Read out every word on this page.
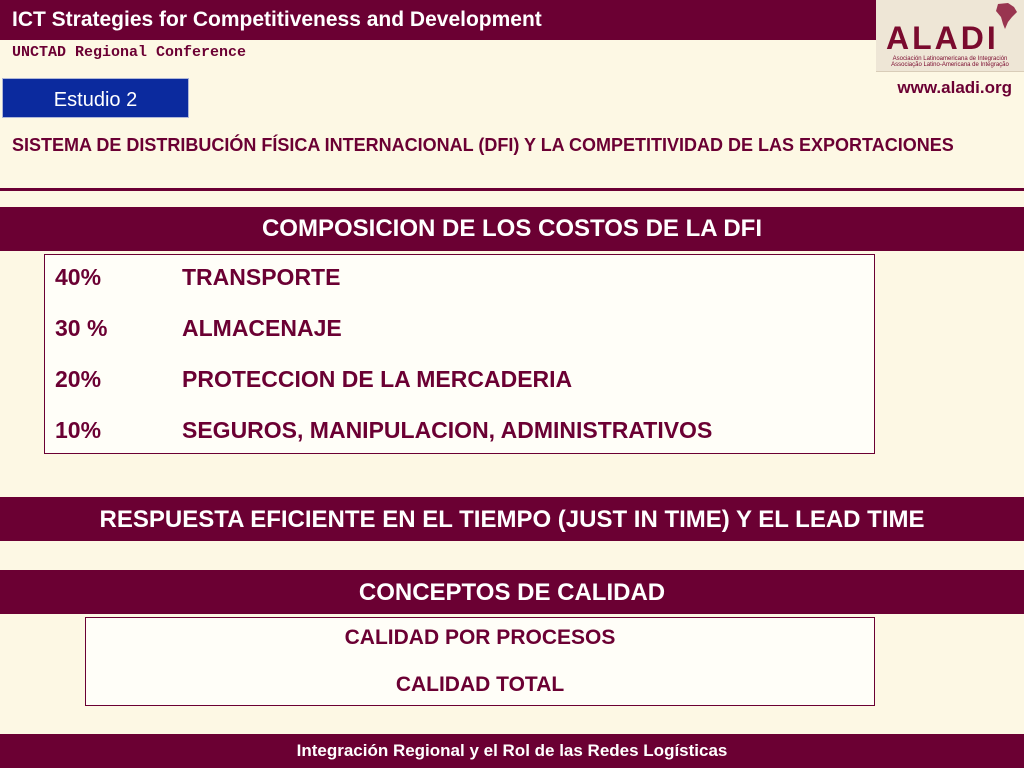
ICT Strategies for Competitiveness and Development
UNCTAD Regional Conference	ALADI
Asociación Latinoamericana de Integración
Associação Latino-Americana de Integração
www.aladi.org
Estudio 2
SISTEMA DE DISTRIBUCIÓN FÍSICA INTERNACIONAL (DFI) Y LA COMPETITIVIDAD DE LAS EXPORTACIONES
COMPOSICION DE LOS COSTOS DE LA DFI
40%	TRANSPORTE
30 %	ALMACENAJE
20%	PROTECCION DE LA MERCADERIA
10%	SEGUROS, MANIPULACION, ADMINISTRATIVOS
RESPUESTA EFICIENTE EN EL TIEMPO (JUST IN TIME) Y EL LEAD TIME
CONCEPTOS DE CALIDAD
CALIDAD POR PROCESOS
CALIDAD TOTAL
Integración Regional y el Rol de las Redes Logísticas
